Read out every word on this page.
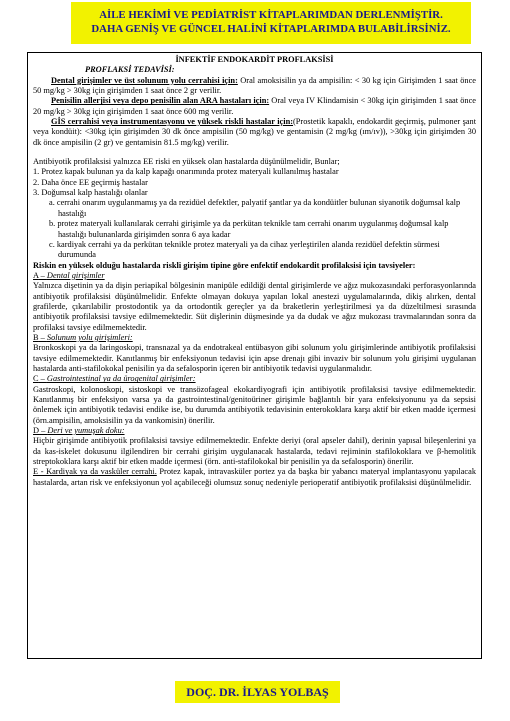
AİLE HEKİMİ VE PEDİATRİST KİTAPLARIMDAN DERLENMİŞTİR.
DAHA GENİŞ VE GÜNCEL HALİNİ KİTAPLARIMDA BULABİLİRSİNİZ.

İNFEKTİF ENDOKARDİT PROFLAKSİSİ

PROFLAKSİ TEDAVİSİ:

Dental girişimler ve üst solunum yolu cerrahisi için: Oral amoksisilin ya da ampisilin: < 30 kg için Girişimden 1 saat önce 50 mg/kg > 30kg için girişimden 1 saat önce 2 gr verilir.

Penisilin allerjisi veya depo penisilin alan ARA hastaları için: Oral veya IV Klindamisin < 30kg için girişimden 1 saat önce 20 mg/kg > 30kg için girişimden 1 saat önce 600 mg verilir.

GİS cerrahisi veya instrumentasyonu ve yüksek riskli hastalar için:(Prostetik kapaklı, endokardit geçirmiş, pulmoner şant veya kondüit): <30kg için girişimden 30 dk önce ampisilin (50 mg/kg) ve gentamisin (2 mg/kg (ım/ıv)), >30kg için girişimden 30 dk önce ampisilin (2 gr) ve gentamisin 81.5 mg/kg) verilir.

Antibiyotik profilaksisi yalnızca EE riski en yüksek olan hastalarda düşünülmelidir, Bunlar;

1. Protez kapak bulunan ya da kalp kapağı onarımında protez materyali kullanılmış hastalar

2. Daha önce EE geçirmiş hastalar

3. Doğumsal kalp hastalığı olanlar

a. cerrahi onarım uygulanmamış ya da rezidüel defektler, palyatif şantlar ya da kondüitler bulunan siyanotik doğumsal kalp hastalığı

b. protez materyali kullanılarak cerrahi girişimle ya da perkütan teknikle tam cerrahi onarım uygulanmış doğumsal kalp hastalığı bulunanlarda girişimden sonra 6 aya kadar

c. kardiyak cerrahi ya da perkütan teknikle protez materyali ya da cihaz yerleştirilen alanda rezidüel defektin sürmesi durumunda

Riskin en yüksek olduğu hastalarda riskli girişim tipine göre enfektif endokardit profilaksisi için tavsiyeler:

A – Dental girişimler

Yalnızca dişetinin ya da dişin periapikal bölgesinin manipüle edildiği dental girişimlerde ve ağız mukozasındaki perforasyonlarında antibiyotik profilaksisi düşünülmelidir. Enfekte olmayan dokuya yapılan lokal anestezi uygulamalarında, dikiş alırken, dental grafilerde, çıkarılabilir prostodontik ya da ortodontik gereçler ya da braketlerin yerleştirilmesi ya da düzeltilmesi sırasında antibiyotik profilaksisi tavsiye edilmemektedir. Süt dişlerinin düşmesinde ya da dudak ve ağız mukozası travmalarından sonra da profilaksi tavsiye edilmemektedir.

B – Solunum yolu girişimleri:

Bronkoskopi ya da laringoskopi, transnazal ya da endotrakeal entübasyon gibi solunum yolu girişimlerinde antibiyotik profilaksisi tavsiye edilmemektedir. Kanıtlanmış bir enfeksiyonun tedavisi için apse drenajı gibi invaziv bir solunum yolu girişimi uygulanan hastalarda anti-stafilokokal penisilin ya da sefalosporin içeren bir antibiyotik tedavisi uygulanmalıdır.

C – Gastrointestinal ya da ürogenital girişimler:

Gastroskopi, kolonoskopi, sistoskopi ve transözofageal ekokardiyografi için antibiyotik profilaksisi tavsiye edilmemektedir. Kanıtlanmış bir enfeksiyon varsa ya da gastrointestinal/genitoüriner girişimle bağlantılı bir yara enfeksiyonunu ya da sepsisi önlemek için antibiyotik tedavisi endike ise, bu durumda antibiyotik tedavisinin enterokoklara karşı aktif bir etken madde içermesi (örn.ampisilin, amoksisilin ya da vankomisin) önerilir.

D – Deri ve yumuşak doku:

Hiçbir girişimde antibiyotik profilaksisi tavsiye edilmemektedir. Enfekte deriyi (oral apseler dahil), derinin yapısal bileşenlerini ya da kas-iskelet dokusunu ilgilendiren bir cerrahi girişim uygulanacak hastalarda, tedavi rejiminin stafilokoklara ve β-hemolitik streptokoklara karşı aktif bir etken madde içermesi (örn. anti-stafilokokal bir penisilin ya da sefalosporin) önerilir.

E - Kardiyak ya da vasküler cerrahi. Protez kapak, intravasküler portez ya da başka bir yabancı materyal implantasyonu yapılacak hastalarda, artan risk ve enfeksiyonun yol açabileceği olumsuz sonuç nedeniyle perioperatif antibiyotik profilaksisi düşünülmelidir.

DOÇ. DR. İLYAS YOLBAŞ
